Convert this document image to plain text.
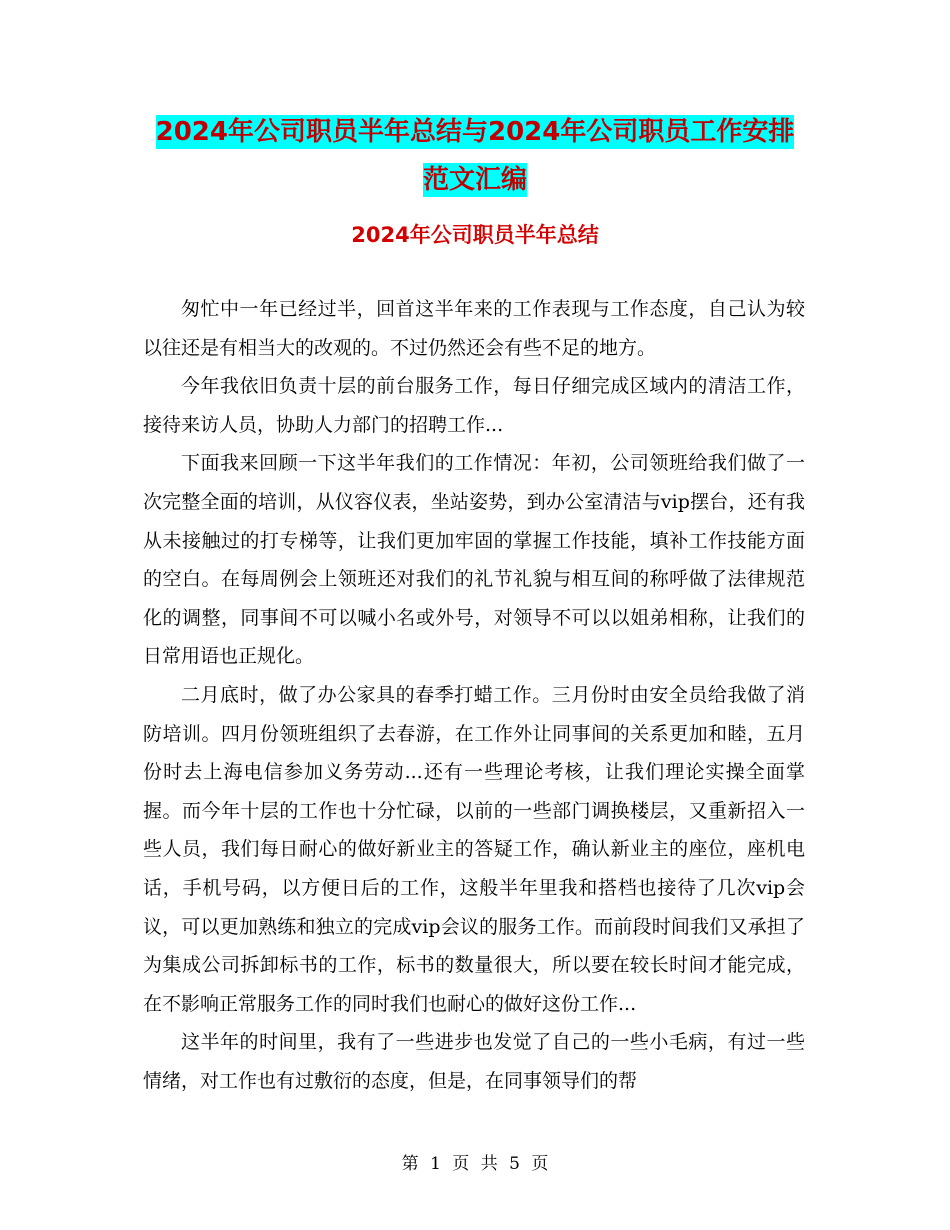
2024年公司职员半年总结与2024年公司职员工作安排
范文汇编
2024年公司职员半年总结

匆忙中一年已经过半，回首这半年来的工作表现与工作态度，自己认为较以往还是有相当大的改观的。不过仍然还会有些不足的地方。

今年我依旧负责十层的前台服务工作，每日仔细完成区域内的清洁工作，接待来访人员，协助人力部门的招聘工作...

下面我来回顾一下这半年我们的工作情况：年初，公司领班给我们做了一次完整全面的培训，从仪容仪表，坐站姿势，到办公室清洁与vip摆台，还有我从未接触过的打专梯等，让我们更加牢固的掌握工作技能，填补工作技能方面的空白。在每周例会上领班还对我们的礼节礼貌与相互间的称呼做了法律规范化的调整，同事间不可以喊小名或外号，对领导不可以以姐弟相称，让我们的日常用语也正规化。

二月底时，做了办公家具的春季打蜡工作。三月份时由安全员给我做了消防培训。四月份领班组织了去春游，在工作外让同事间的关系更加和睦，五月份时去上海电信参加义务劳动...还有一些理论考核，让我们理论实操全面掌握。而今年十层的工作也十分忙碌，以前的一些部门调换楼层，又重新招入一些人员，我们每日耐心的做好新业主的答疑工作，确认新业主的座位，座机电话，手机号码，以方便日后的工作，这般半年里我和搭档也接待了几次vip会议，可以更加熟练和独立的完成vip会议的服务工作。而前段时间我们又承担了为集成公司拆卸标书的工作，标书的数量很大，所以要在较长时间才能完成，在不影响正常服务工作的同时我们也耐心的做好这份工作...

这半年的时间里，我有了一些进步也发觉了自己的一些小毛病，有过一些情绪，对工作也有过敷衍的态度，但是，在同事领导们的帮

第 1 页 共 5 页
